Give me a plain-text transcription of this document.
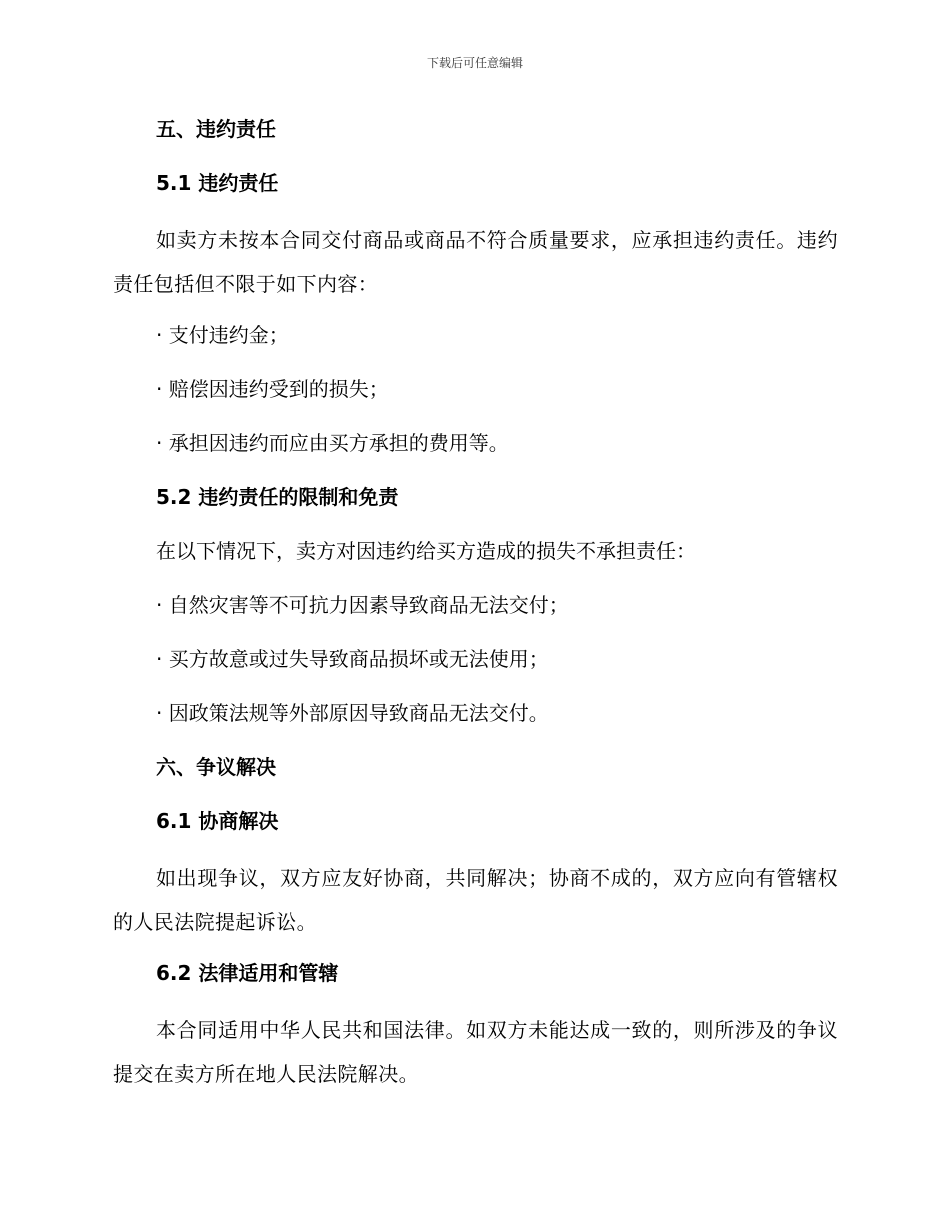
下载后可任意编辑
五、违约责任
5.1 违约责任

如卖方未按本合同交付商品或商品不符合质量要求，应承担违约责任。违约责任包括但不限于如下内容：

· 支付违约金；
· 赔偿因违约受到的损失；
· 承担因违约而应由买方承担的费用等。
5.2 违约责任的限制和免责
在以下情况下，卖方对因违约给买方造成的损失不承担责任：
· 自然灾害等不可抗力因素导致商品无法交付；
· 买方故意或过失导致商品损坏或无法使用；
· 因政策法规等外部原因导致商品无法交付。
六、争议解决
6.1 协商解决

如出现争议，双方应友好协商，共同解决；协商不成的，双方应向有管辖权的人民法院提起诉讼。

6.2 法律适用和管辖

本合同适用中华人民共和国法律。如双方未能达成一致的，则所涉及的争议提交在卖方所在地人民法院解决。
